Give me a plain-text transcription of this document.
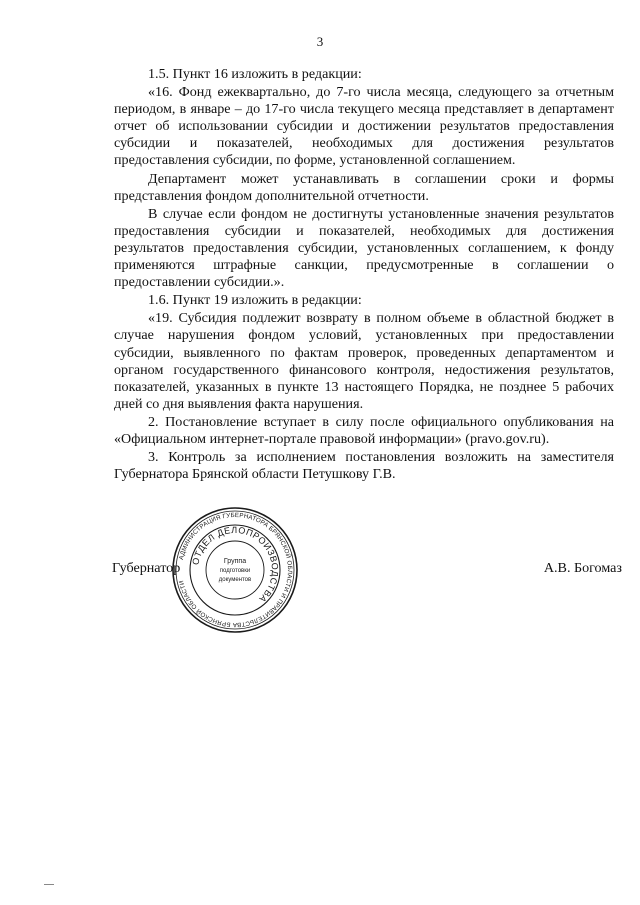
3

1.5. Пункт 16 изложить в редакции:

«16. Фонд ежеквартально, до 7-го числа месяца, следующего за отчетным периодом, в январе – до 17-го числа текущего месяца представляет в департамент отчет об использовании субсидии и достижении результатов предоставления субсидии и показателей, необходимых для достижения результатов предоставления субсидии, по форме, установленной соглашением.

Департамент может устанавливать в соглашении сроки и формы представления фондом дополнительной отчетности.

В случае если фондом не достигнуты установленные значения результатов предоставления субсидии и показателей, необходимых для достижения результатов предоставления субсидии, установленных соглашением, к фонду применяются штрафные санкции, предусмотренные в соглашении о предоставлении субсидии.».

1.6. Пункт 19 изложить в редакции:

«19. Субсидия подлежит возврату в полном объеме в областной бюджет в случае нарушения фондом условий, установленных при предоставлении субсидии, выявленного по фактам проверок, проведенных департаментом и органом государственного финансового контроля, недостижения результатов, показателей, указанных в пункте 13 настоящего Порядка, не позднее 5 рабочих дней со дня выявления факта нарушения.

2. Постановление вступает в силу после официального опубликования на «Официальном интернет-портале правовой информации» (pravo.gov.ru).

3. Контроль за исполнением постановления возложить на заместителя Губернатора Брянской области Петушкову Г.В.

Губернатор	А.В. Богомаз
АДМИНИСТРАЦИЯ ГУБЕРНАТОРА БРЯНСКОЙ ОБЛАСТИ И ПРАВИТЕЛЬСТВА БРЯНСКОЙ ОБЛАСТИ
ОТДЕЛ ДЕЛОПРОИЗВОДСТВА
Группа
подготовки
документов
